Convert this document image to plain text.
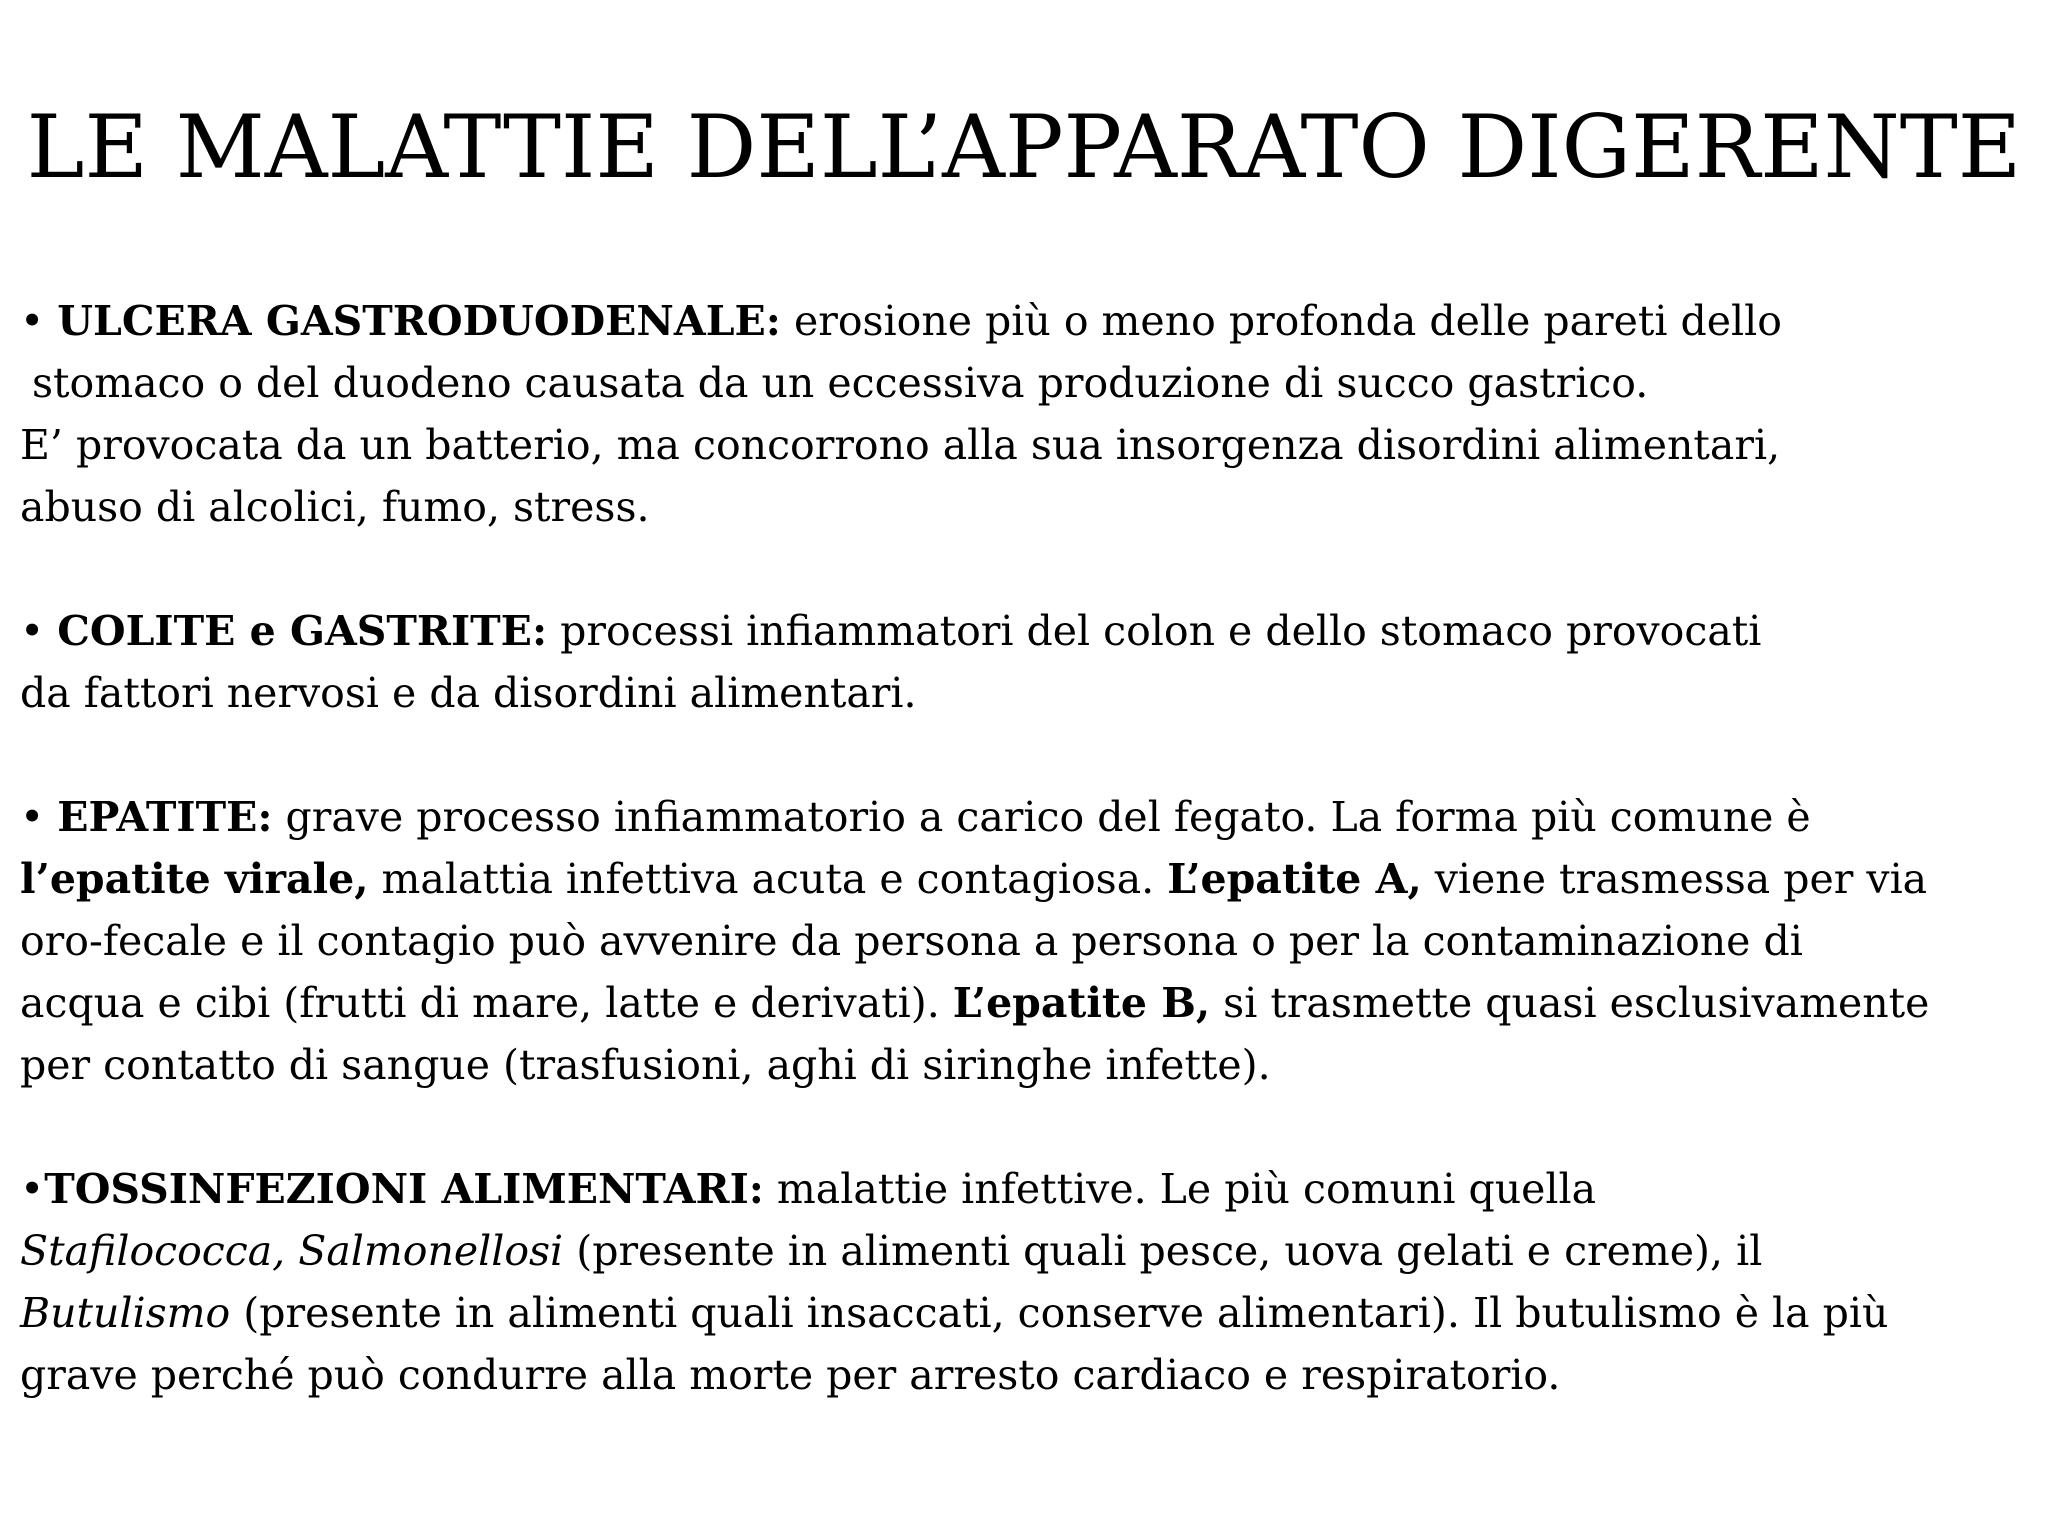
LE MALATTIE DELL’APPARATO DIGERENTE
• ULCERA GASTRODUODENALE: erosione più o meno profonda delle pareti dello
stomaco o del duodeno causata da un eccessiva produzione di succo gastrico.
E’ provocata da un batterio, ma concorrono alla sua insorgenza disordini alimentari,
abuso di alcolici, fumo, stress.
• COLITE e GASTRITE: processi infiammatori del colon e dello stomaco provocati
da fattori nervosi e da disordini alimentari.
• EPATITE: grave processo infiammatorio a carico del fegato. La forma più comune è
l’epatite virale, malattia infettiva acuta e contagiosa. L’epatite A, viene trasmessa per via
oro-fecale e il contagio può avvenire da persona a persona o per la contaminazione di
acqua e cibi (frutti di mare, latte e derivati). L’epatite B, si trasmette quasi esclusivamente
per contatto di sangue (trasfusioni, aghi di siringhe infette).
•TOSSINFEZIONI ALIMENTARI: malattie infettive. Le più comuni quella
Stafilococca, Salmonellosi (presente in alimenti quali pesce, uova gelati e creme), il
Butulismo (presente in alimenti quali insaccati, conserve alimentari). Il butulismo è la più
grave perché può condurre alla morte per arresto cardiaco e respiratorio.
